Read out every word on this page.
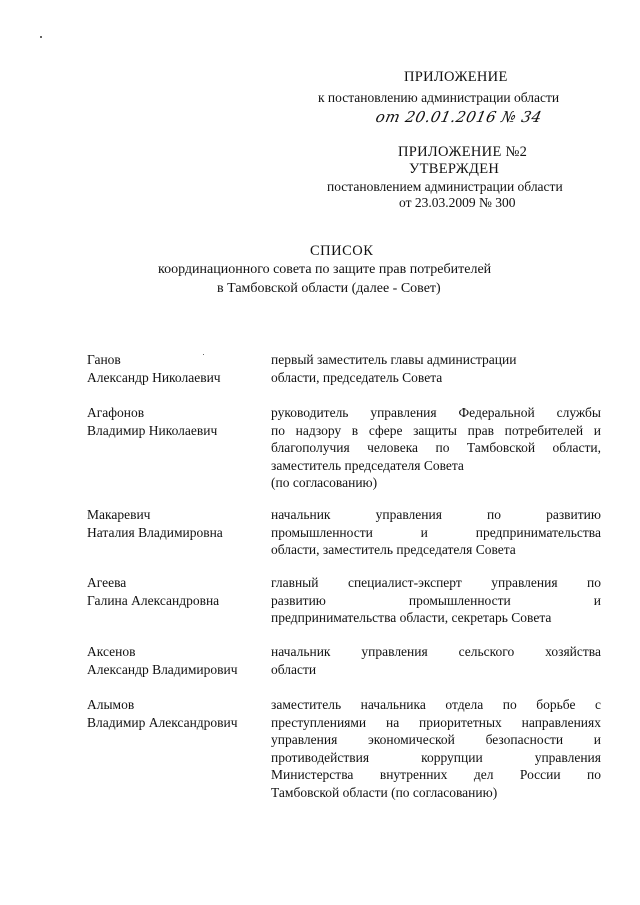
ПРИЛОЖЕНИЕ
к постановлению администрации области
от 20.01.2016 № 34
ПРИЛОЖЕНИЕ №2
УТВЕРЖДЕН
постановлением администрации области
от 23.03.2009 № 300
СПИСОК
координационного совета по защите прав потребителей
в Тамбовской области (далее - Совет)
Ганов
Александр Николаевич
первый заместитель главы администрации
области, председатель Совета
Агафонов
Владимир Николаевич
руководитель управления Федеральной службы
по надзору в сфере защиты прав потребителей и
благополучия человека по Тамбовской области,
заместитель председателя Совета
(по согласованию)
Макаревич
Наталия Владимировна
начальник управления по развитию
промышленности и предпринимательства
области, заместитель председателя Совета
Агеева
Галина Александровна
главный специалист-эксперт управления по
развитию промышленности и
предпринимательства области, секретарь Совета
Аксенов
Александр Владимирович
начальник управления сельского хозяйства
области
Алымов
Владимир Александрович
заместитель начальника отдела по борьбе с
преступлениями на приоритетных направлениях
управления экономической безопасности и
противодействия коррупции управления
Министерства внутренних дел России по
Тамбовской области (по согласованию)
